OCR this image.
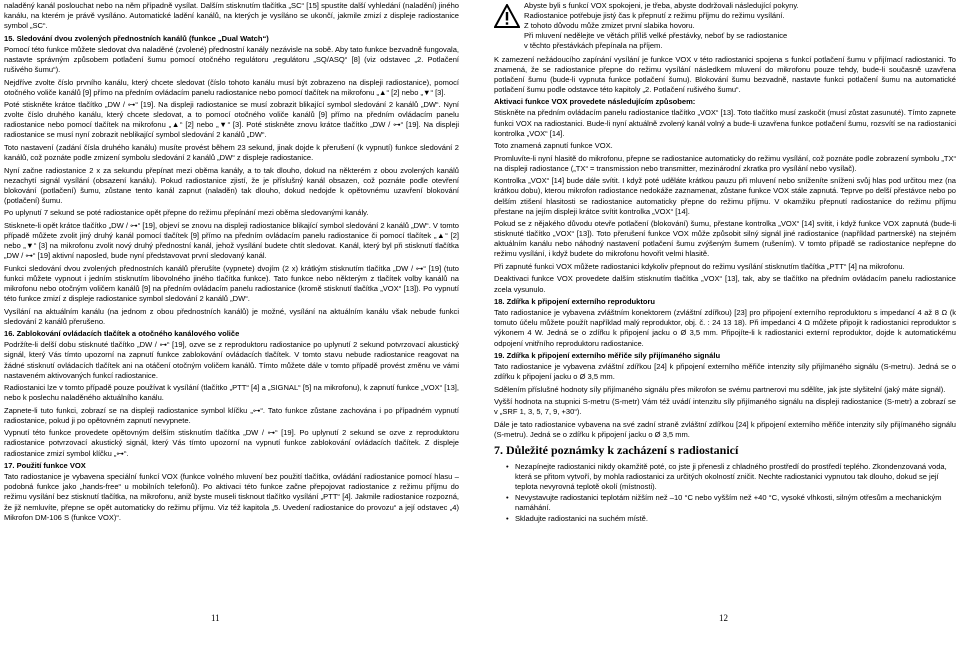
naladěný kanál poslouchat nebo na něm případně vysílat. Dalším stisknutím tlačítka „SC“ [15] spustíte další vyhledání (naladění) jiného kanálu, na kterém je právě vysíláno. Automatické ladění kanálů, na kterých je vysíláno se ukončí, jakmile zmizí z displeje radiostanice symbol „SC“.
15. Sledování dvou zvolených přednostních kanálů (funkce „Dual Watch“)
Pomocí této funkce můžete sledovat dva naladěné (zvolené) přednostní kanály nezávisle na sobě. Aby tato funkce bezvadně fungovala, nastavte správným způsobem potlačení šumu pomocí otočného regulátoru „regulátoru „SQ/ASQ“ [8] (viz odstavec „2. Potlačení rušivého šumu“).
Nejdříve zvolte číslo prvního kanálu, který chcete sledovat (číslo tohoto kanálu musí být zobrazeno na displeji radiostanice), pomocí otočného voliče kanálů [9] přímo na předním ovládacím panelu radiostanice nebo pomocí tlačítek na mikrofonu „▲“ [2] nebo „▼“ [3].
Poté stiskněte krátce tlačítko „DW / ⊶“ [19]. Na displeji radiostanice se musí zobrazit blikající symbol sledování 2 kanálů „DW“. Nyní zvolte číslo druhého kanálu, který chcete sledovat, a to pomocí otočného voliče kanálů [9] přímo na předním ovládacím panelu radiostanice nebo pomocí tlačítek na mikrofonu „▲“ [2] nebo „▼“ [3]. Poté stiskněte znovu krátce tlačítko „DW / ⊶“ [19]. Na displeji radiostanice se musí nyní zobrazit neblikající symbol sledování 2 kanálů „DW“.
Toto nastavení (zadání čísla druhého kanálu) musíte provést během 23 sekund, jinak dojde k přerušení (k vypnutí) funkce sledování 2 kanálů, což poznáte podle zmizení symbolu sledování 2 kanálů „DW“ z displeje radiostanice.
Nyní začne radiostanice 2 x za sekundu přepínat mezi oběma kanály, a to tak dlouho, dokud na některém z obou zvolených kanálů nezachytí signál vysílání (obsazení kanálu). Pokud radiostanice zjistí, že je příslušný kanál obsazen, což poznáte podle otevření blokování (potlačení) šumu, zůstane tento kanál zapnut (naladěn) tak dlouho, dokud nedojde k opětovnému uzavření blokování (potlačení) šumu.
Po uplynutí 7 sekund se poté radiostanice opět přepne do režimu přepínání mezi oběma sledovanými kanály.
Stisknete-li opět krátce tlačítko „DW / ⊶“ [19], objeví se znovu na displeji radiostanice blikající symbol sledování 2 kanálů „DW“. V tomto případě můžete zvolit jiný druhý kanál pomocí tlačítek [9] přímo na předním ovládacím panelu radiostanice či pomocí tlačítek „▲“ [2] nebo „▼“ [3] na mikrofonu zvolit nový druhý přednostní kanál, jehož vysílání budete chtít sledovat. Kanál, který byl při stisknutí tlačítka „DW / ⊶“ [19] aktivní naposled, bude nyní představovat první sledovaný kanál.
Funkci sledování dvou zvolených přednostních kanálů přerušíte (vypnete) dvojím (2 x) krátkým stisknutím tlačítka „DW / ⊶“ [19] (tuto funkci můžete vypnout i jedním stisknutím libovolného jiného tlačítka funkce). Tato funkce nebo některým z tlačítek volby kanálů na mikrofonu nebo otočným voličem kanálů [9] na předním ovládacím panelu radiostanice (kromě stisknutí tlačítka „VOX“ [13]). Po vypnutí této funkce zmizí z displeje radiostanice symbol sledování 2 kanálů „DW“.
Vysílání na aktuálním kanálu (na jednom z obou přednostních kanálů) je možné, vysílání na aktuálním kanálu však nebude funkci sledování 2 kanálů přerušeno.
16. Zablokování ovládacích tlačítek a otočného kanálového voliče
Podržíte-li delší dobu stisknuté tlačítko „DW / ⊶“ [19], ozve se z reproduktoru radiostanice po uplynutí 2 sekund potvrzovací akustický signál, který Vás tímto upozorní na zapnutí funkce zablokování ovládacích tlačítek. V tomto stavu nebude radiostanice reagovat na žádné stisknutí ovládacích tlačítek ani na otáčení otočným voličem kanálů. Tímto můžete dále v tomto případě provést změnu ve vámi nastaveném aktivovaných funkcí radiostanice.
Radiostanici lze v tomto případě pouze používat k vysílání (tlačítko „PTT“ [4] a „SIGNAL“ [5] na mikrofonu), k zapnutí funkce „VOX“ [13], nebo k poslechu naladěného aktuálního kanálu.
Zapnete-li tuto funkci, zobrazí se na displeji radiostanice symbol klíčku „⊶“. Tato funkce zůstane zachována i po případném vypnutí radiostanice, pokud ji po opětovném zapnutí nevypnete.
Vypnutí této funkce provedete opětovným delším stisknutím tlačítka „DW / ⊶“ [19]. Po uplynutí 2 sekund se ozve z reproduktoru radiostanice potvrzovací akustický signál, který Vás tímto upozorní na vypnutí funkce zablokování ovládacích tlačítek. Z displeje radiostanice zmizí symbol klíčku „⊶“.
17. Použití funkce VOX
Tato radiostanice je vybavena speciální funkcí VOX (funkce volného mluvení bez použití tlačítka, ovládání radiostanice pomocí hlasu – podobná funkce jako „hands-free“ u mobilních telefonů). Po aktivaci této funkce začne přepojovat radiostanice z režimu příjmu do režimu vysílání bez stisknutí tlačítka, na mikrofonu, aniž byste museli tisknout tlačítko vysílání „PTT“ [4]. Jakmile radiostanice rozpozná, že již nemluvíte, přepne se opět automaticky do režimu příjmu. Viz též kapitola „5. Uvedení radiostanice do provozu“ a její odstavec „4) Mikrofon DM-106 S (funkce VOX)“.
Abyste byli s funkcí VOX spokojeni, je třeba, abyste dodržovali následující pokyny.
Radiostanice potřebuje jistý čas k přepnutí z režimu příjmu do režimu vysílání.
Z tohoto důvodu může zmizet první slabika hovoru.
Při mluvení nedělejte ve větách příliš velké přestávky, neboť by se radiostanice
v těchto přestávkách přepínala na příjem.
K zamezení nežádoucího zapínání vysílání je funkce VOX v této radiostanici spojena s funkcí potlačení šumu v přijímací radiostanici. To znamená, že se radiostanice přepne do režimu vysílání následkem mluvení do mikrofonu pouze tehdy, bude-li současně uzavřena potlačení šumu (bude-li vypnuta funkce potlačení šumu). Blokování šumu bezvadně, nastavte funkci potlačení šumu na automatické potlačení šumu podle odstavce této kapitoly „2. Potlačení rušivého šumu“.
Aktivaci funkce VOX provedete následujícím způsobem:
Stiskněte na předním ovládacím panelu radiostanice tlačítko „VOX“ [13]. Toto tlačítko musí zaskočit (musí zůstat zasunuté). Tímto zapnete funkci VOX na radiostanici. Bude-li nyní aktuálně zvolený kanál volný a bude-li uzavřena funkce potlačení šumu, rozsvítí se na radiostanici kontrolka „VOX“ [14].
Toto znamená zapnutí funkce VOX.
Promluvíte-li nyní hlasitě do mikrofonu, přepne se radiostanice automaticky do režimu vysílání, což poznáte podle zobrazení symbolu „TX“ na displeji radiostance („TX“ = transmission nebo transmitter, mezinárodní zkratka pro vysílání nebo vysílač).
Kontrolka „VOX“ [14] bude dále svítit. I když poté uděláte krátkou pauzu při mluvení nebo sníženíte sníženi svůj hlas pod určitou mez (na krátkou dobu), kterou mikrofon radiostance nedokáže zaznamenat, zůstane funkce VOX stále zapnutá. Teprve po delší přestávce nebo po delším ztišení hlasitosti se radiostanice automaticky přepne do režimu příjmu. V okamžiku přepnutí radiostanice do režimu příjmu přestane na jejím displeji krátce svítit kontrolka „VOX“ [14].
Pokud se z nějakého důvodu otevře potlačení (blokování) šumu, přestane kontrolka „VOX“ [14] svítit, i když funkce VOX zapnutá (bude-li stisknuté tlačítko „VOX“ [13]). Toto přerušení funkce VOX může způsobit silný signál jiné radiostanice (například partnerské) na stejném aktuálním kanálu nebo náhodný nastavení potlačení šumu zvýšeným šumem (rušením). V tomto případě se radiostanice nepřepne do režimu vysílání, i když budete do mikrofonu hovořit velmi hlasitě.
Při zapnuté funkci VOX můžete radiostanici kdykoliv přepnout do režimu vysílání stisknutím tlačítka „PTT“ [4] na mikrofonu.
Deaktivaci funkce VOX provedete dalším stisknutím tlačítka „VOX“ [13], tak, aby se tlačítko na předním ovládacím panelu radiostanice zcela vysunulo.
18. Zdířka k připojení externího reproduktoru
Tato radiostanice je vybavena zvláštním konektorem (zvláštní zdířkou) [23] pro připojení externího reproduktoru s impedancí 4 až 8 Ω (k tomuto účelu můžete použít například malý reproduktor, obj. č. : 24 13 18). Při impedanci 4 Ω můžete připojit k radiostanici reproduktor s výkonem 4 W. Jedná se o zdířku k připojení jacku o Ø 3,5 mm. Připojíte-li k radiostanici externí reproduktor, dojde k automatickému odpojení vnitřního reproduktoru radiostanice.
19. Zdířka k připojení externího měřiče síly přijímaného signálu
Tato radiostanice je vybavena zvláštní zdířkou [24] k připojení externího měřiče intenzity síly přijímaného signálu (S-metru). Jedná se o zdířku k připojení jacku o Ø 3,5 mm.
Sdělením příslušné hodnoty síly přijímaného signálu přes mikrofon se svému partnerovi mu sdělíte, jak jste slyšitelní (jaký máte signál).
Vyšší hodnota na stupnici S-metru (S-metr) Vám též uvádí intenzitu síly přijímaného signálu na displeji radiostanice (S-metr) a zobrazí se v „SRF 1, 3, 5, 7, 9, +30“).
Dále je tato radiostanice vybavena na své zadní straně zvláštní zdířkou [24] k připojení externího měřiče intenzity síly přijímaného signálu (S-metru). Jedná se o zdířku k připojení jacku o Ø 3,5 mm.
7. Důležité poznámky k zacházení s radiostanicí
• Nezapínejte radiostanici nikdy okamžitě poté, co jste ji přenesli z chladného prostředí do prostředí teplého. Zkondenzovaná voda, která se přitom vytvoří, by mohla radiostanici za určitých okolností zničit. Nechte radiostanici vypnutou tak dlouho, dokud se její teplota nevyrovná teplotě okolí (místnosti).
• Nevystavujte radiostanici teplotám nižším než –10 °C nebo vyšším než +40 °C, vysoké vlhkosti, silným otřesům a mechanickým namáhání.
• Skladujte radiostanici na suchém místě.
11	12
